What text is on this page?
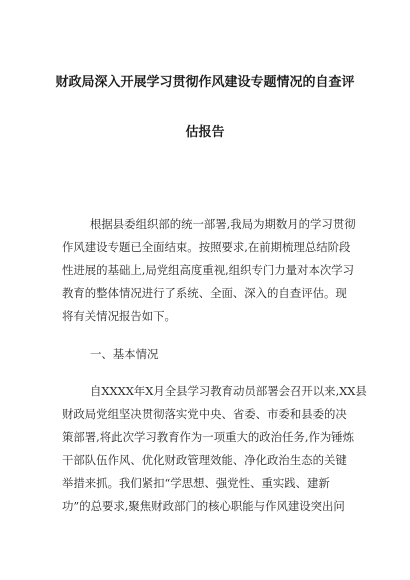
财政局深入开展学习贯彻作风建设专题情况的自查评
估报告
根据县委组织部的统一部署,我局为期数月的学习贯彻
作风建设专题已全面结束。按照要求,在前期梳理总结阶段
性进展的基础上,局党组高度重视,组织专门力量对本次学习
教育的整体情况进行了系统、全面、深入的自查评估。现
将有关情况报告如下。
一、基本情况
自XXXX年X月全县学习教育动员部署会召开以来,XX县
财政局党组坚决贯彻落实党中央、省委、市委和县委的决
策部署,将此次学习教育作为一项重大的政治任务,作为锤炼
干部队伍作风、优化财政管理效能、净化政治生态的关键
举措来抓。我们紧扣“学思想、强党性、重实践、建新
功”的总要求,聚焦财政部门的核心职能与作风建设突出问
